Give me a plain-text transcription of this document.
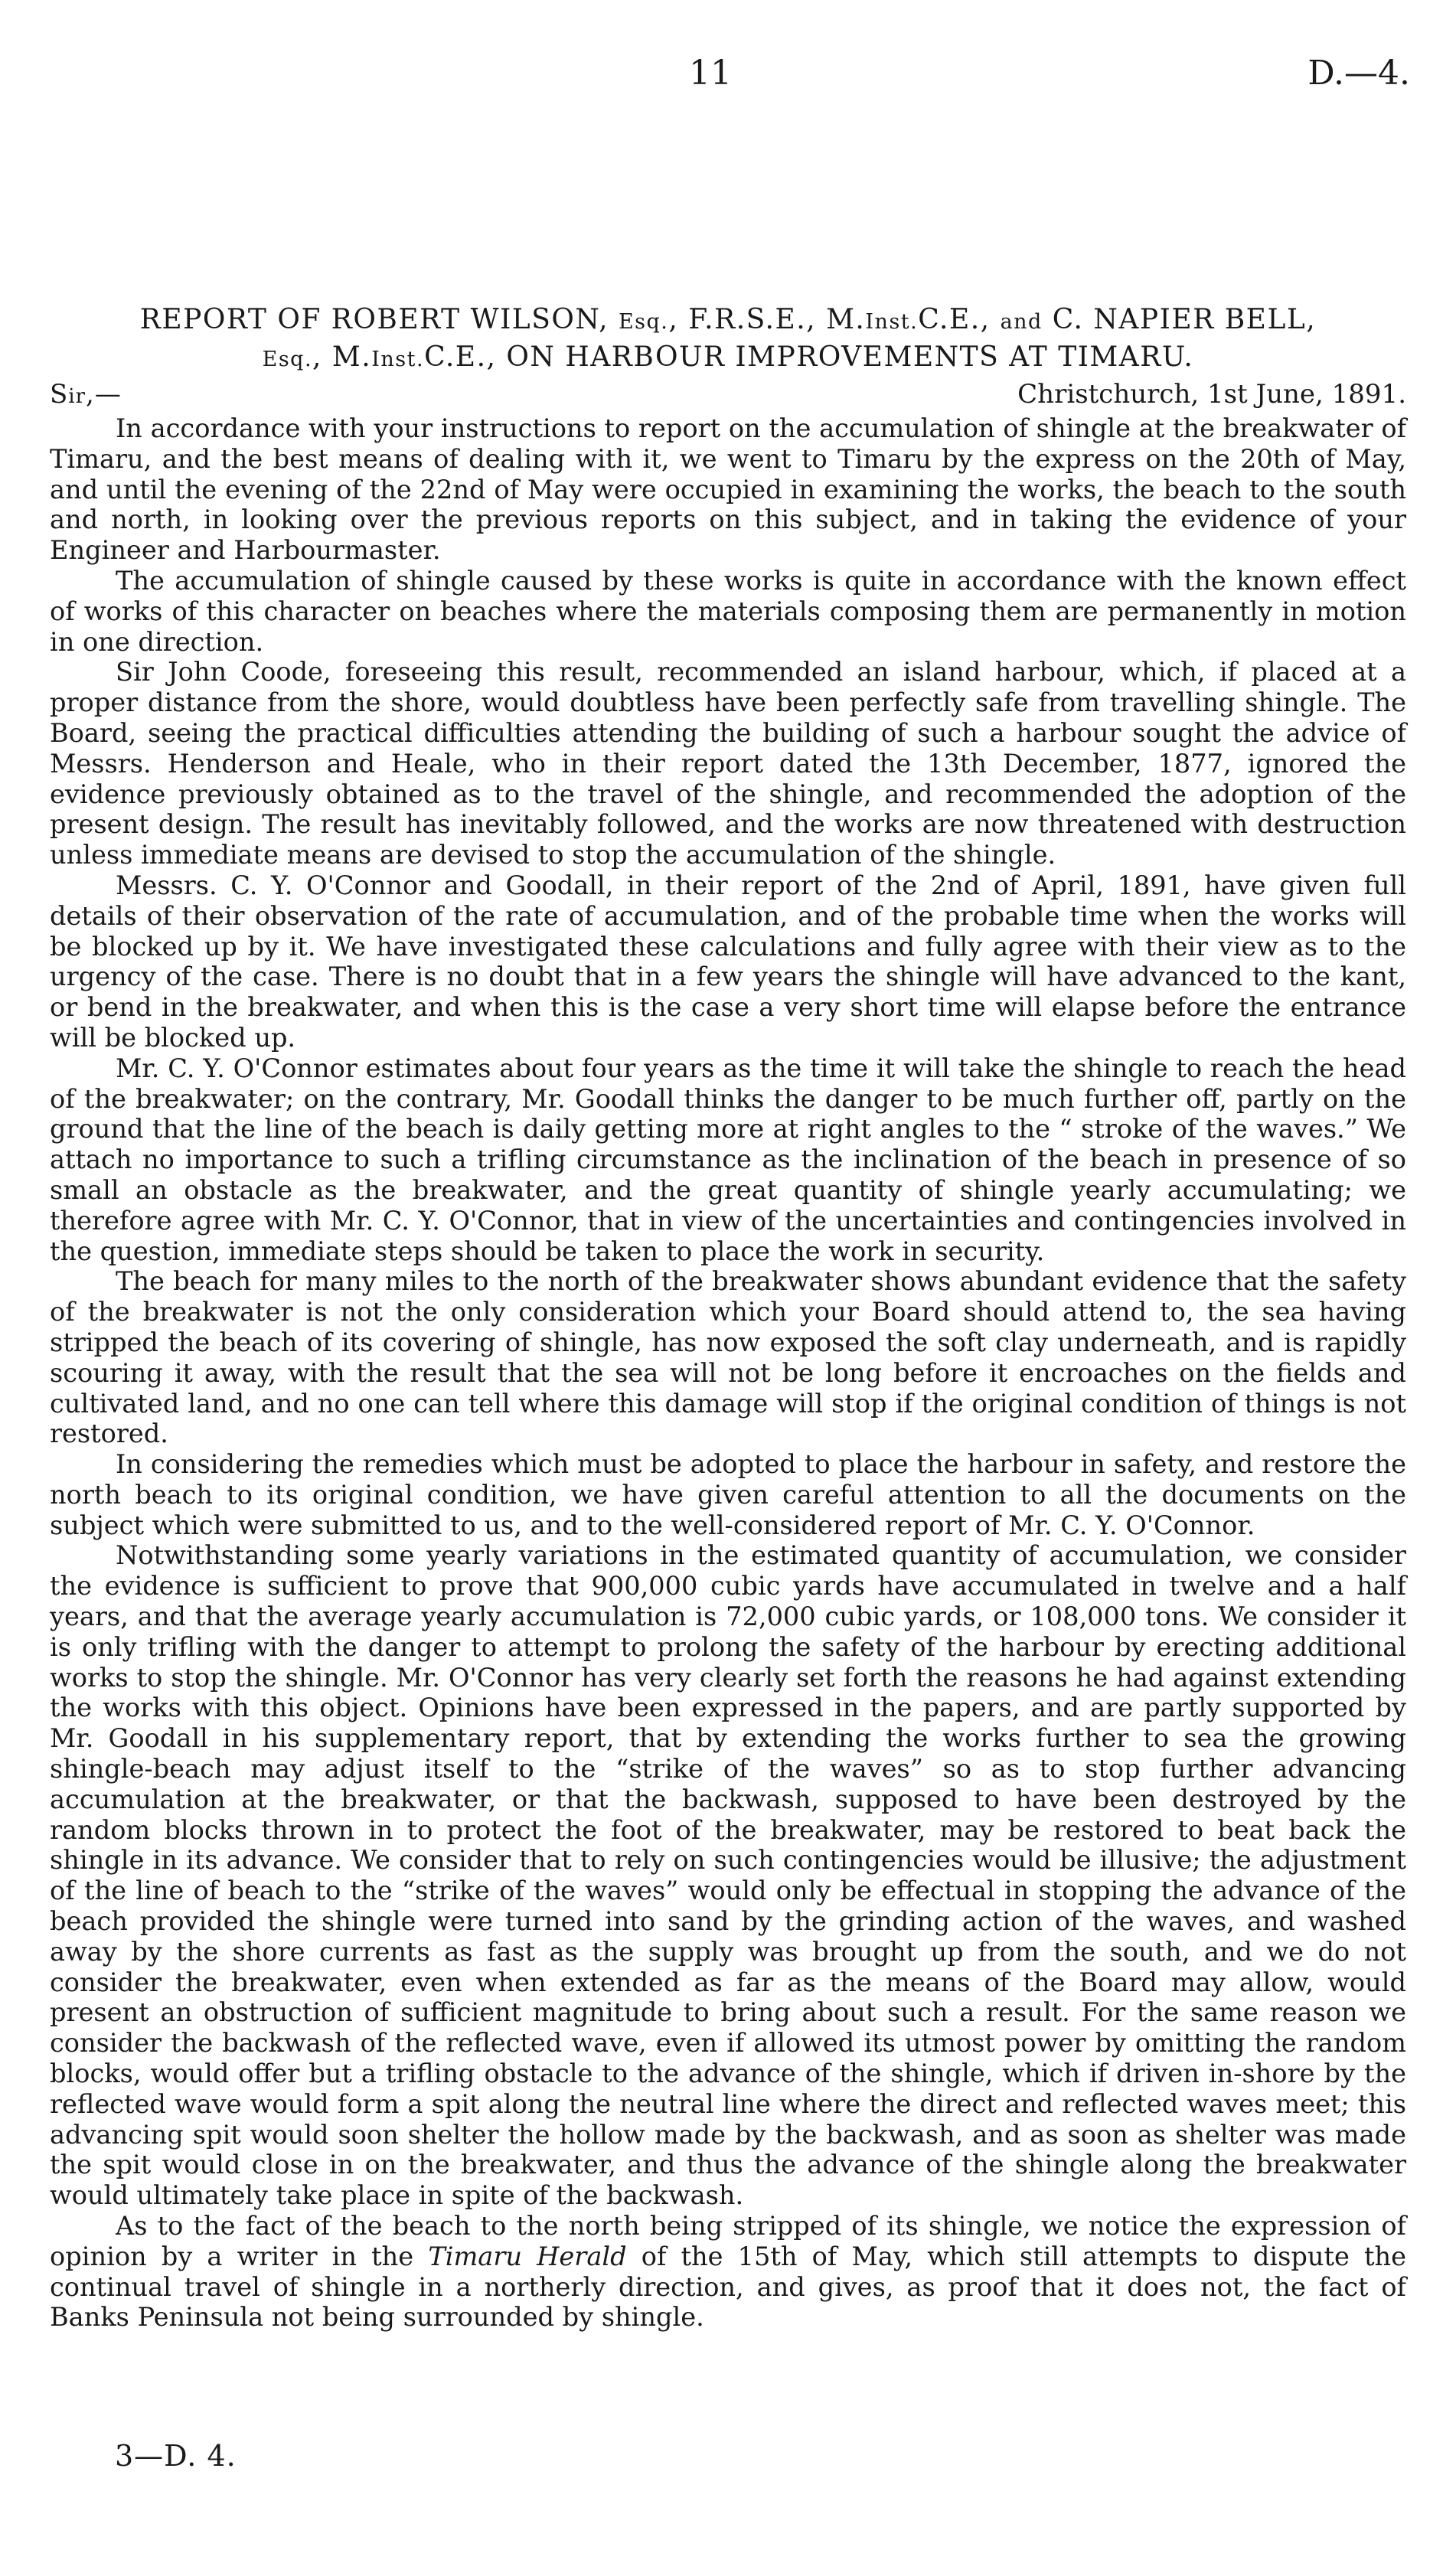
11	D.—4.
REPORT OF ROBERT WILSON, Esq., F.R.S.E., M.Inst.C.E., and C. NAPIER BELL,
Esq., M.Inst.C.E., ON HARBOUR IMPROVEMENTS AT TIMARU.
Sir,—	Christchurch, 1st June, 1891.

In accordance with your instructions to report on the accumulation of shingle at the breakwater of Timaru, and the best means of dealing with it, we went to Timaru by the express on the 20th of May, and until the evening of the 22nd of May were occupied in examining the works, the beach to the south and north, in looking over the previous reports on this subject, and in taking the evidence of your Engineer and Harbourmaster.

The accumulation of shingle caused by these works is quite in accordance with the known effect of works of this character on beaches where the materials composing them are permanently in motion in one direction.

Sir John Coode, foreseeing this result, recommended an island harbour, which, if placed at a proper distance from the shore, would doubtless have been perfectly safe from travelling shingle. The Board, seeing the practical difficulties attending the building of such a harbour sought the advice of Messrs. Henderson and Heale, who in their report dated the 13th December, 1877, ignored the evidence previously obtained as to the travel of the shingle, and recommended the adoption of the present design. The result has inevitably followed, and the works are now threatened with destruction unless immediate means are devised to stop the accumulation of the shingle.

Messrs. C. Y. O'Connor and Goodall, in their report of the 2nd of April, 1891, have given full details of their observation of the rate of accumulation, and of the probable time when the works will be blocked up by it. We have investigated these calculations and fully agree with their view as to the urgency of the case. There is no doubt that in a few years the shingle will have advanced to the kant, or bend in the breakwater, and when this is the case a very short time will elapse before the entrance will be blocked up.

Mr. C. Y. O'Connor estimates about four years as the time it will take the shingle to reach the head of the breakwater; on the contrary, Mr. Goodall thinks the danger to be much further off, partly on the ground that the line of the beach is daily getting more at right angles to the “ stroke of the waves.” We attach no importance to such a trifling circumstance as the inclination of the beach in presence of so small an obstacle as the breakwater, and the great quantity of shingle yearly accumulating; we therefore agree with Mr. C. Y. O'Connor, that in view of the uncertainties and contingencies involved in the question, immediate steps should be taken to place the work in security.

The beach for many miles to the north of the breakwater shows abundant evidence that the safety of the breakwater is not the only consideration which your Board should attend to, the sea having stripped the beach of its covering of shingle, has now exposed the soft clay underneath, and is rapidly scouring it away, with the result that the sea will not be long before it encroaches on the fields and cultivated land, and no one can tell where this damage will stop if the original condition of things is not restored.

In considering the remedies which must be adopted to place the harbour in safety, and restore the north beach to its original condition, we have given careful attention to all the documents on the subject which were submitted to us, and to the well-considered report of Mr. C. Y. O'Connor.

Notwithstanding some yearly variations in the estimated quantity of accumulation, we consider the evidence is sufficient to prove that 900,000 cubic yards have accumulated in twelve and a half years, and that the average yearly accumulation is 72,000 cubic yards, or 108,000 tons. We consider it is only trifling with the danger to attempt to prolong the safety of the harbour by erecting additional works to stop the shingle. Mr. O'Connor has very clearly set forth the reasons he had against extending the works with this object. Opinions have been expressed in the papers, and are partly supported by Mr. Goodall in his supplementary report, that by extending the works further to sea the growing shingle-beach may adjust itself to the “strike of the waves” so as to stop further advancing accumulation at the breakwater, or that the backwash, supposed to have been destroyed by the random blocks thrown in to protect the foot of the breakwater, may be restored to beat back the shingle in its advance. We consider that to rely on such contingencies would be illusive; the adjustment of the line of beach to the “strike of the waves” would only be effectual in stopping the advance of the beach provided the shingle were turned into sand by the grinding action of the waves, and washed away by the shore currents as fast as the supply was brought up from the south, and we do not consider the breakwater, even when extended as far as the means of the Board may allow, would present an obstruction of sufficient magnitude to bring about such a result. For the same reason we consider the backwash of the reflected wave, even if allowed its utmost power by omitting the random blocks, would offer but a trifling obstacle to the advance of the shingle, which if driven in-shore by the reflected wave would form a spit along the neutral line where the direct and reflected waves meet; this advancing spit would soon shelter the hollow made by the backwash, and as soon as shelter was made the spit would close in on the breakwater, and thus the advance of the shingle along the breakwater would ultimately take place in spite of the backwash.

As to the fact of the beach to the north being stripped of its shingle, we notice the expression of opinion by a writer in the Timaru Herald of the 15th of May, which still attempts to dispute the continual travel of shingle in a northerly direction, and gives, as proof that it does not, the fact of Banks Peninsula not being surrounded by shingle.

3—D. 4.
